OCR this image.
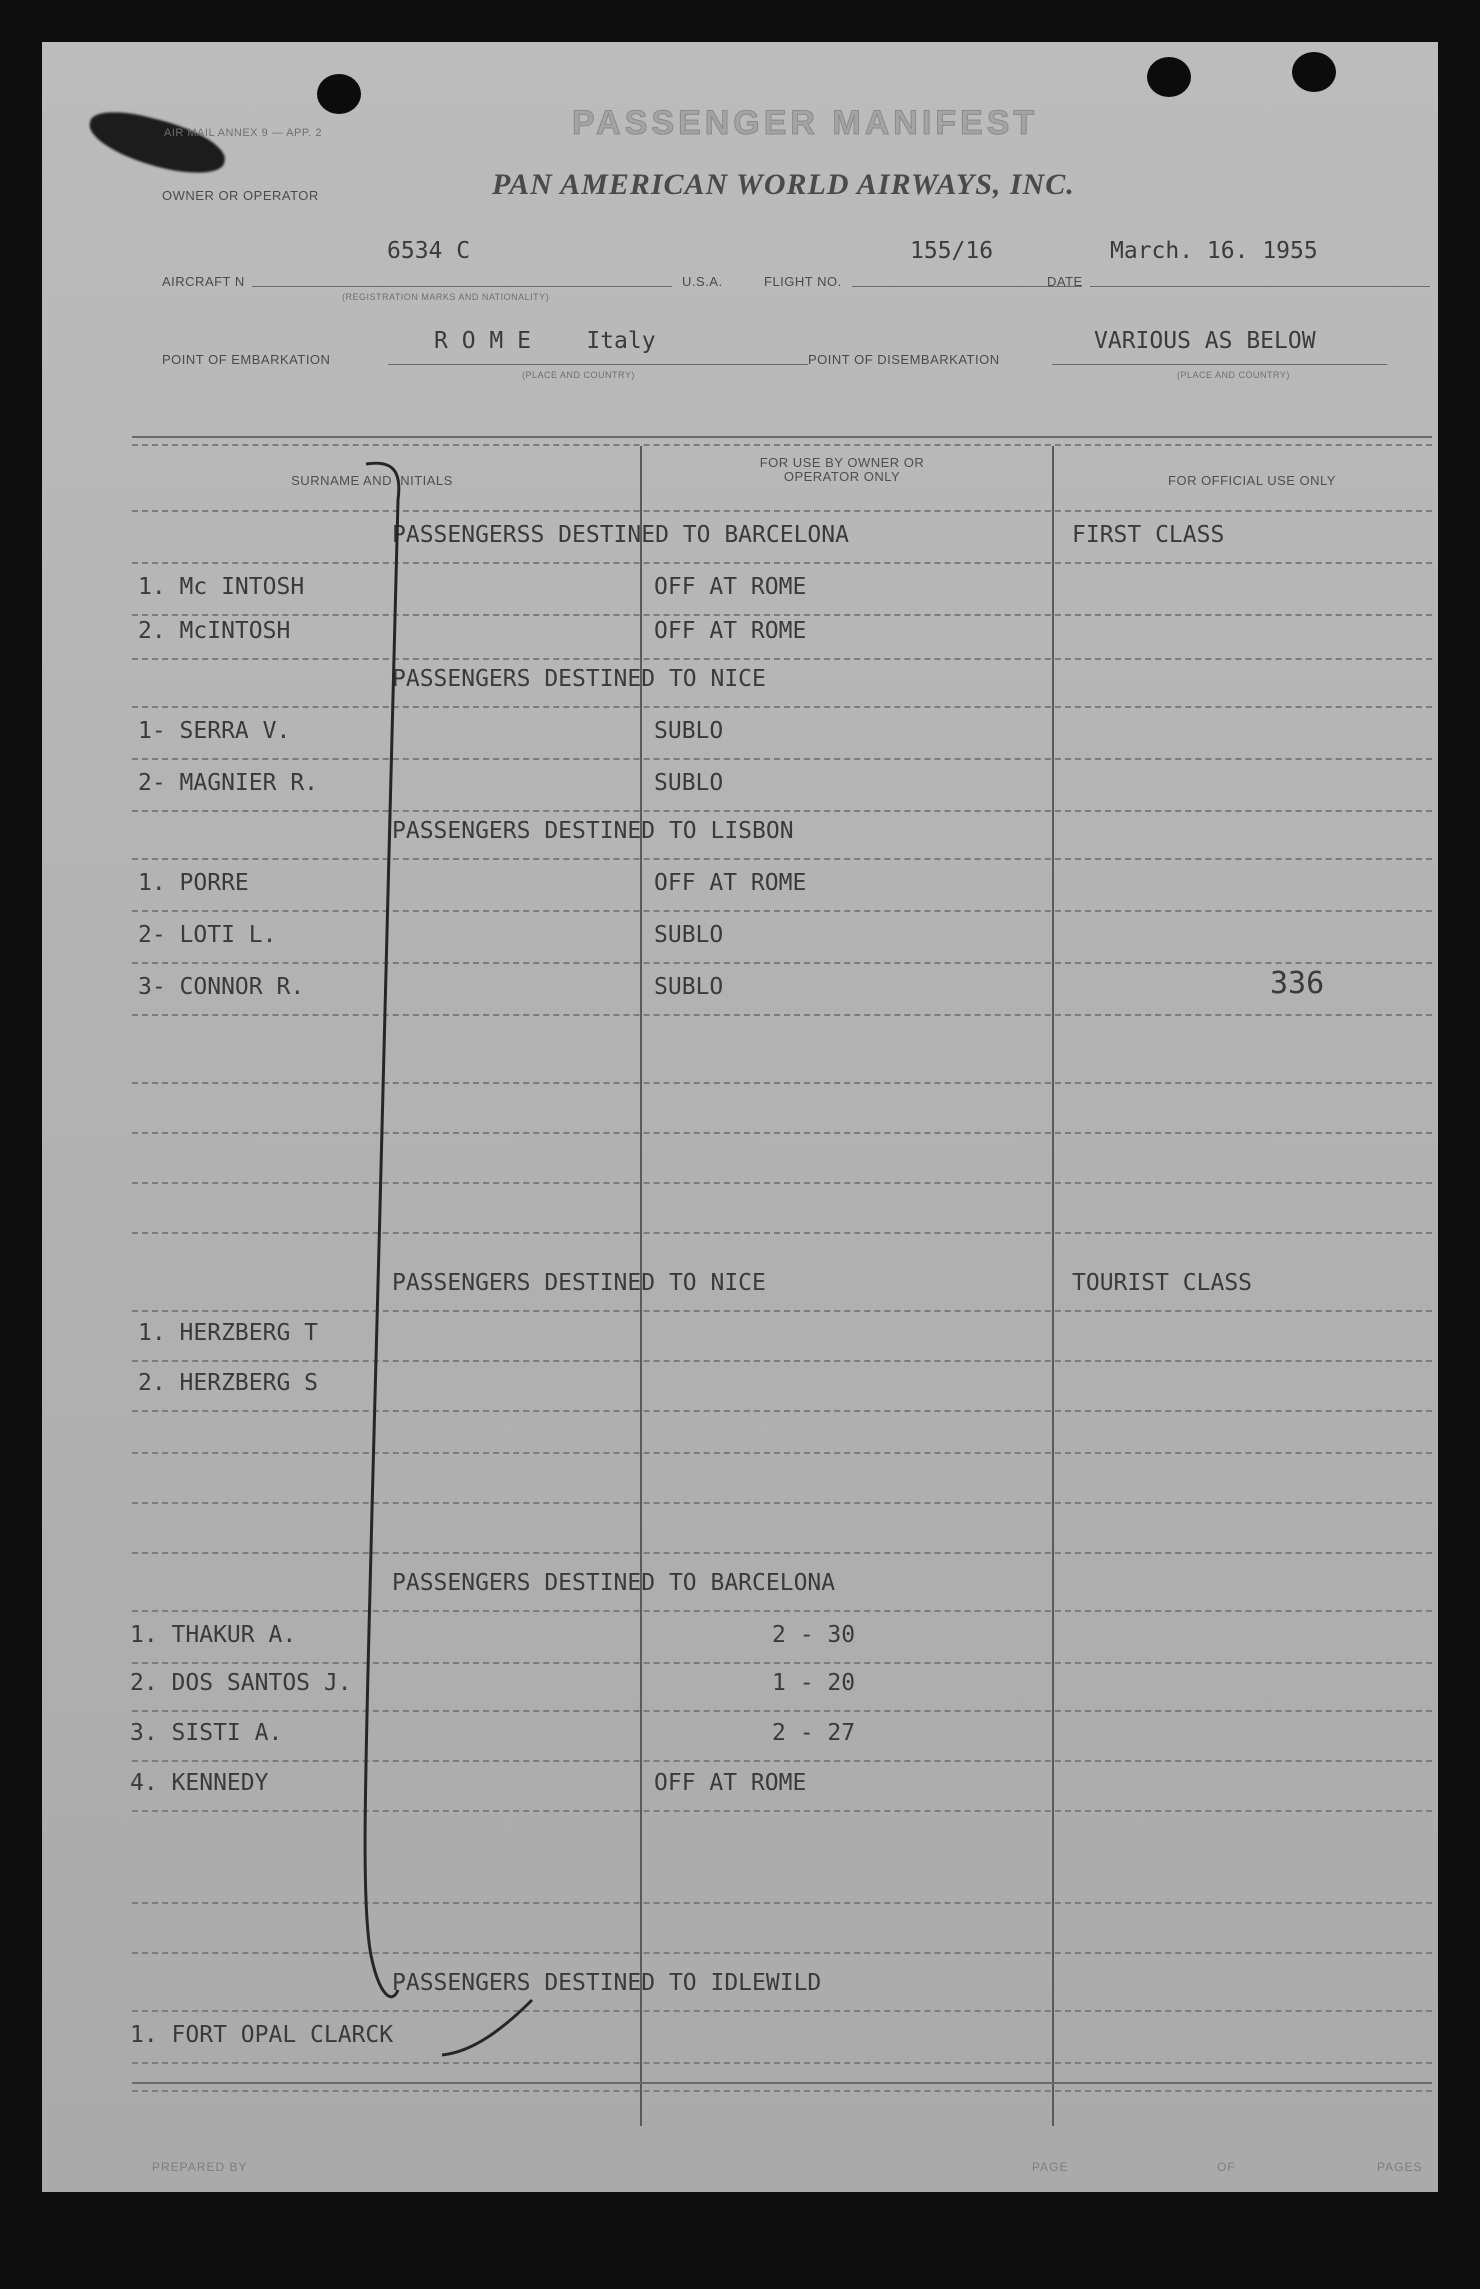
AIR MAIL ANNEX 9 — APP. 2	PASSENGER MANIFEST
PAN AMERICAN WORLD AIRWAYS, INC.
OWNER OR OPERATOR
AIRCRAFT N
6534 C
(REGISTRATION MARKS AND NATIONALITY)
U.S.A.	FLIGHT NO.
155/16
DATE
March. 16. 1955
POINT OF EMBARKATION
R O M E    Italy
(PLACE AND COUNTRY)
POINT OF DISEMBARKATION
VARIOUS AS BELOW
(PLACE AND COUNTRY)
SURNAME AND INITIALS
FOR USE BY OWNER OR OPERATOR ONLY	FOR OFFICIAL USE ONLY
PASSENGERSS DESTINED TO BARCELONA	FIRST CLASS
1. Mc INTOSH	OFF AT ROME
2. McINTOSH	OFF AT ROME
PASSENGERS DESTINED TO NICE
1- SERRA V.	SUBLO
2- MAGNIER R.	SUBLO
PASSENGERS DESTINED TO LISBON
1. PORRE	OFF AT ROME
2- LOTI L.	SUBLO
3- CONNOR R.	SUBLO	336
PASSENGERS DESTINED TO NICE	TOURIST CLASS
1. HERZBERG T
2. HERZBERG S
PASSENGERS DESTINED TO BARCELONA
1. THAKUR A.	2 - 30
2. DOS SANTOS J.	1 - 20
3. SISTI A.	2 - 27
4. KENNEDY	OFF AT ROME
PASSENGERS DESTINED TO IDLEWILD
1. FORT OPAL CLARCK
PREPARED BY	PAGE	OF	PAGES
